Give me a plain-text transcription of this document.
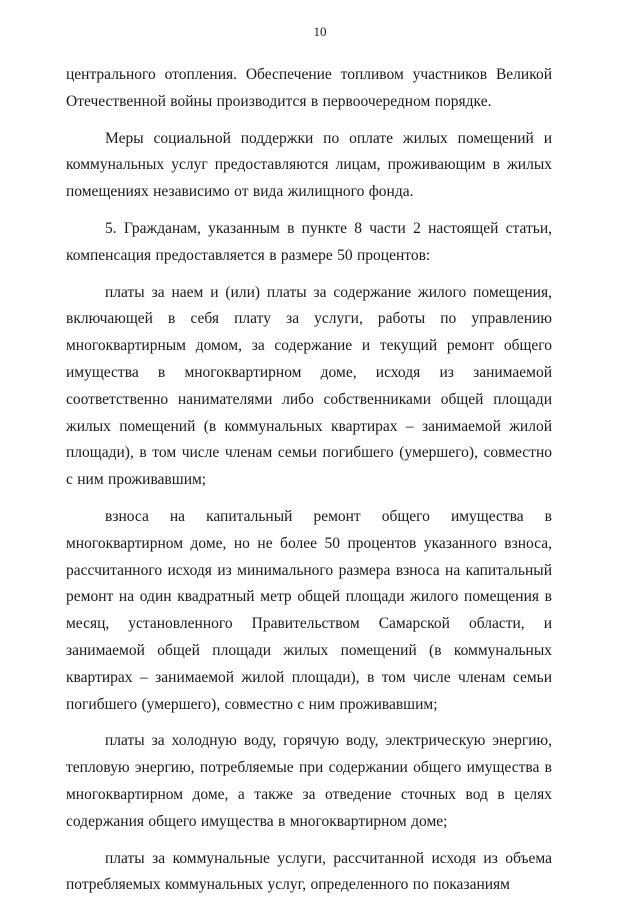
10

центрального отопления. Обеспечение топливом участников Великой Отечественной войны производится в первоочередном порядке.

Меры социальной поддержки по оплате жилых помещений и коммунальных услуг предоставляются лицам, проживающим в жилых помещениях независимо от вида жилищного фонда.

5. Гражданам, указанным в пункте 8 части 2 настоящей статьи, компенсация предоставляется в размере 50 процентов:

платы за наем и (или) платы за содержание жилого помещения, включающей в себя плату за услуги, работы по управлению многоквартирным домом, за содержание и текущий ремонт общего имущества в многоквартирном доме, исходя из занимаемой соответственно нанимателями либо собственниками общей площади жилых помещений (в коммунальных квартирах – занимаемой жилой площади), в том числе членам семьи погибшего (умершего), совместно с ним проживавшим;

взноса на капитальный ремонт общего имущества в многоквартирном доме, но не более 50 процентов указанного взноса, рассчитанного исходя из минимального размера взноса на капитальный ремонт на один квадратный метр общей площади жилого помещения в месяц, установленного Правительством Самарской области, и занимаемой общей площади жилых помещений (в коммунальных квартирах – занимаемой жилой площади), в том числе членам семьи погибшего (умершего), совместно с ним проживавшим;

платы за холодную воду, горячую воду, электрическую энергию, тепловую энергию, потребляемые при содержании общего имущества в многоквартирном доме, а также за отведение сточных вод в целях содержания общего имущества в многоквартирном доме;

платы за коммунальные услуги, рассчитанной исходя из объема потребляемых коммунальных услуг, определенного по показаниям
